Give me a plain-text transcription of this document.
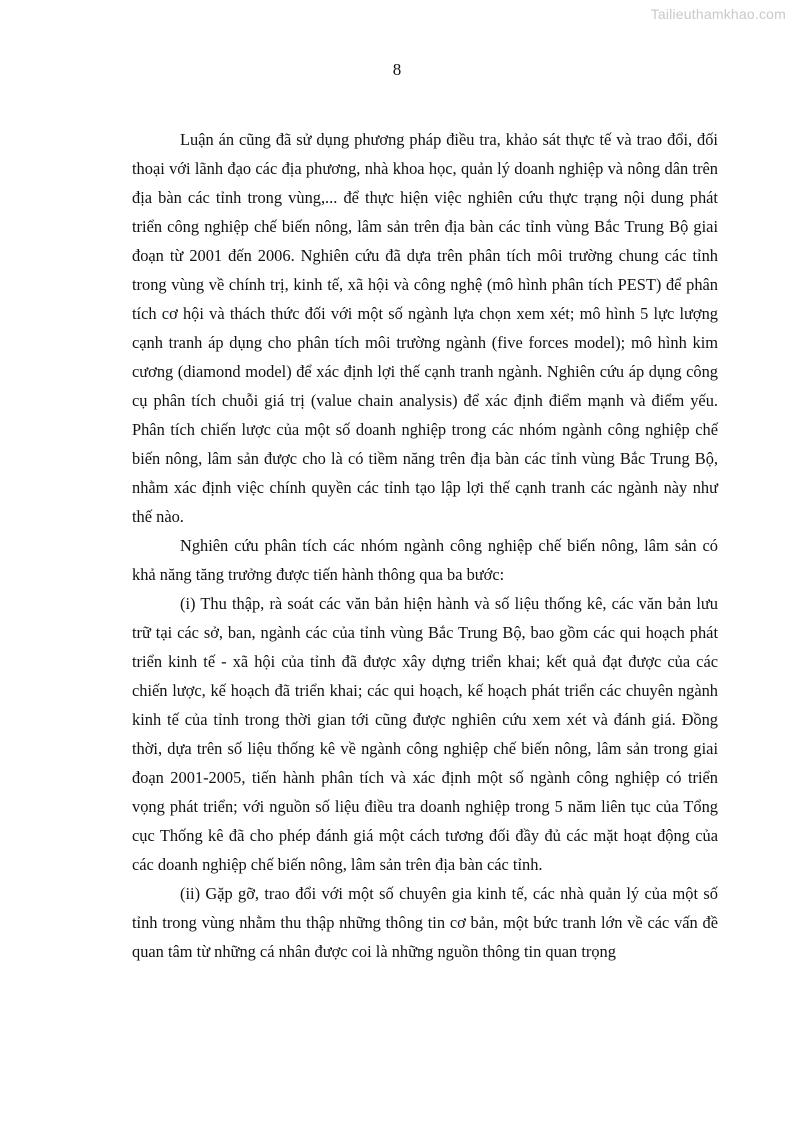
Tailieuthamkhao.com
8

Luận án cũng đã sử dụng phương pháp điều tra, khảo sát thực tế và trao đổi, đối thoại với lãnh đạo các địa phương, nhà khoa học, quản lý doanh nghiệp và nông dân trên địa bàn các tỉnh trong vùng,... để thực hiện việc nghiên cứu thực trạng nội dung phát triển công nghiệp chế biến nông, lâm sản trên địa bàn các tỉnh vùng Bắc Trung Bộ giai đoạn từ 2001 đến 2006. Nghiên cứu đã dựa trên phân tích môi trường chung các tỉnh trong vùng về chính trị, kinh tế, xã hội và công nghệ (mô hình phân tích PEST) để phân tích cơ hội và thách thức đối với một số ngành lựa chọn xem xét; mô hình 5 lực lượng cạnh tranh áp dụng cho phân tích môi trường ngành (five forces model); mô hình kim cương (diamond model) để xác định lợi thế cạnh tranh ngành. Nghiên cứu áp dụng công cụ phân tích chuỗi giá trị (value chain analysis) để xác định điểm mạnh và điểm yếu. Phân tích chiến lược của một số doanh nghiệp trong các nhóm ngành công nghiệp chế biến nông, lâm sản được cho là có tiềm năng trên địa bàn các tỉnh vùng Bắc Trung Bộ, nhằm xác định việc chính quyền các tỉnh tạo lập lợi thế cạnh tranh các ngành này như thế nào.

Nghiên cứu phân tích các nhóm ngành công nghiệp chế biến nông, lâm sản có khả năng tăng trưởng được tiến hành thông qua ba bước:

(i) Thu thập, rà soát các văn bản hiện hành và số liệu thống kê, các văn bản lưu trữ tại các sở, ban, ngành các của tỉnh vùng Bắc Trung Bộ, bao gồm các qui hoạch phát triển kinh tế - xã hội của tỉnh đã được xây dựng triển khai; kết quả đạt được của các chiến lược, kế hoạch đã triển khai; các qui hoạch, kế hoạch phát triển các chuyên ngành kinh tế của tỉnh trong thời gian tới cũng được nghiên cứu xem xét và đánh giá. Đồng thời, dựa trên số liệu thống kê về ngành công nghiệp chế biến nông, lâm sản trong giai đoạn 2001-2005, tiến hành phân tích và xác định một số ngành công nghiệp có triển vọng phát triển; với nguồn số liệu điều tra doanh nghiệp trong 5 năm liên tục của Tổng cục Thống kê đã cho phép đánh giá một cách tương đối đầy đủ các mặt hoạt động của các doanh nghiệp chế biến nông, lâm sản trên địa bàn các tỉnh.

(ii) Gặp gỡ, trao đổi với một số chuyên gia kinh tế, các nhà quản lý của một số tỉnh trong vùng nhằm thu thập những thông tin cơ bản, một bức tranh lớn về các vấn đề quan tâm từ những cá nhân được coi là những nguồn thông tin quan trọng
